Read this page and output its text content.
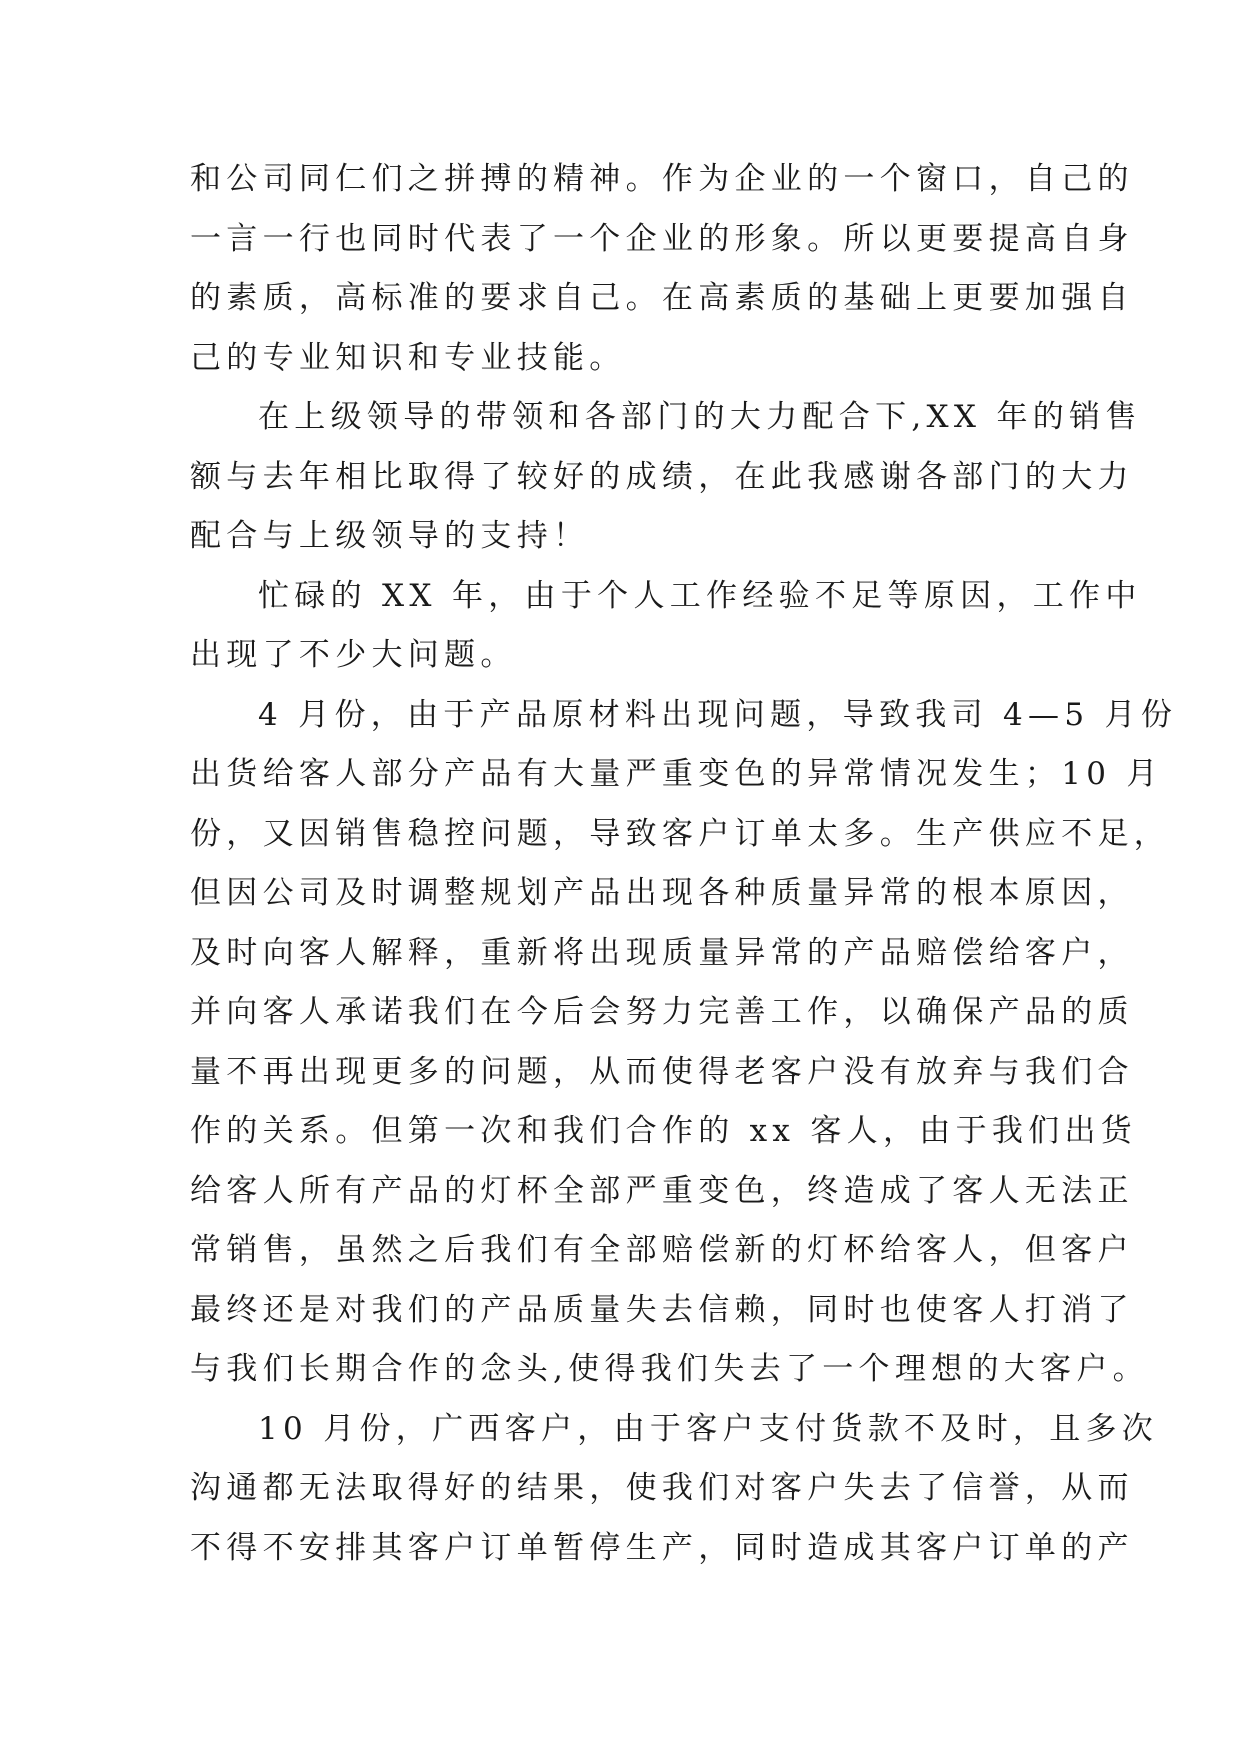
和公司同仁们之拼搏的精神。作为企业的一个窗口，自己的
一言一行也同时代表了一个企业的形象。所以更要提高自身
的素质，高标准的要求自己。在高素质的基础上更要加强自
己的专业知识和专业技能。

在上级领导的带领和各部门的大力配合下,XX 年的销售
额与去年相比取得了较好的成绩，在此我感谢各部门的大力
配合与上级领导的支持！

忙碌的 XX 年，由于个人工作经验不足等原因，工作中
出现了不少大问题。

4 月份，由于产品原材料出现问题，导致我司 4—5 月份
出货给客人部分产品有大量严重变色的异常情况发生；10 月
份，又因销售稳控问题，导致客户订单太多。生产供应不足，
但因公司及时调整规划产品出现各种质量异常的根本原因，
及时向客人解释，重新将出现质量异常的产品赔偿给客户，
并向客人承诺我们在今后会努力完善工作，以确保产品的质
量不再出现更多的问题，从而使得老客户没有放弃与我们合
作的关系。但第一次和我们合作的 xx 客人，由于我们出货
给客人所有产品的灯杯全部严重变色，终造成了客人无法正
常销售，虽然之后我们有全部赔偿新的灯杯给客人，但客户
最终还是对我们的产品质量失去信赖，同时也使客人打消了
与我们长期合作的念头,使得我们失去了一个理想的大客户。

10 月份，广西客户，由于客户支付货款不及时，且多次
沟通都无法取得好的结果，使我们对客户失去了信誉，从而
不得不安排其客户订单暂停生产，同时造成其客户订单的产
